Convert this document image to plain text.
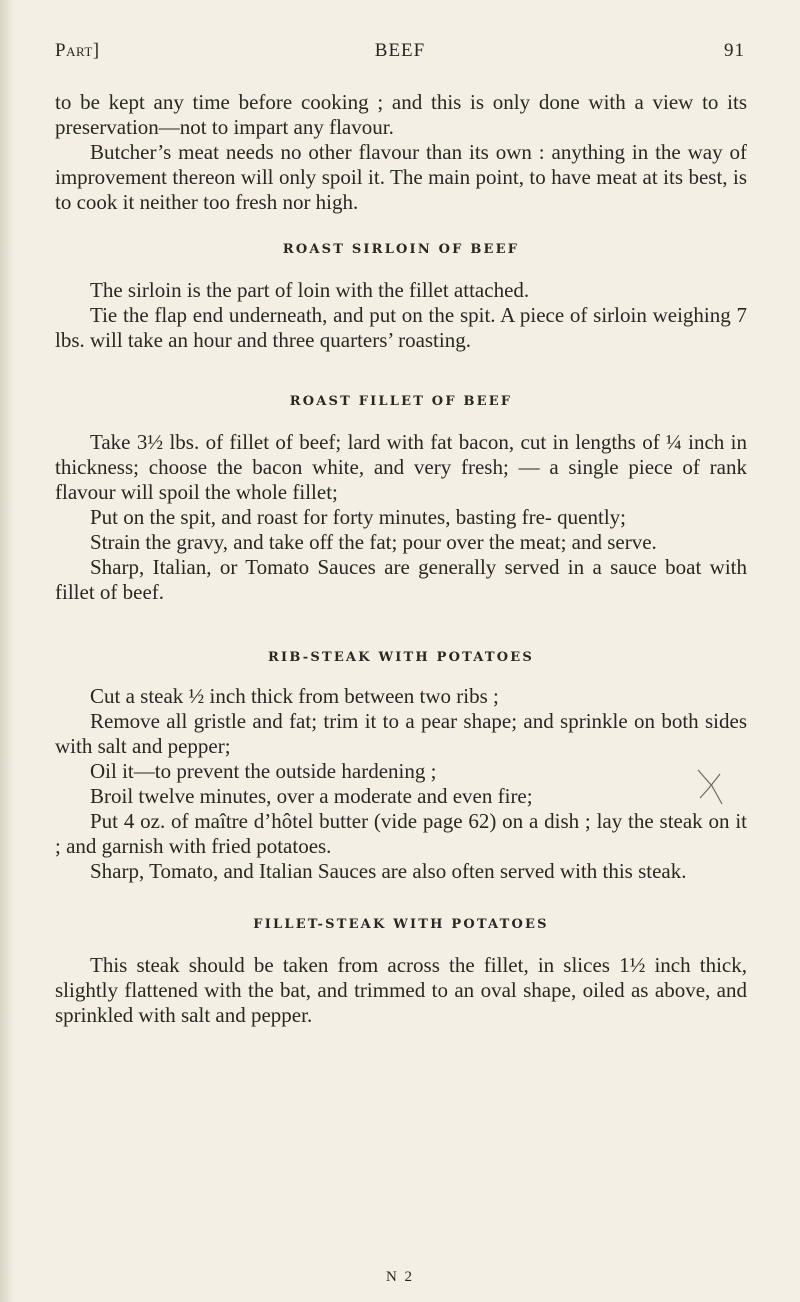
BEEF
Part]	91

to be kept any time before cooking ; and this is only done with a view to its preservation—not to impart any flavour.

Butcher’s meat needs no other flavour than its own : anything in the way of improvement thereon will only spoil it. The main point, to have meat at its best, is to cook it neither too fresh nor high.

ROAST SIRLOIN OF BEEF

The sirloin is the part of loin with the fillet attached.

Tie the flap end underneath, and put on the spit. A piece of sirloin weighing 7 lbs. will take an hour and three quarters’ roasting.

ROAST FILLET OF BEEF

Take 3½ lbs. of fillet of beef; lard with fat bacon, cut in lengths of ¼ inch in thickness; choose the bacon white, and very fresh; — a single piece of rank flavour will spoil the whole fillet;

Put on the spit, and roast for forty minutes, basting fre- quently;

Strain the gravy, and take off the fat; pour over the meat; and serve.

Sharp, Italian, or Tomato Sauces are generally served in a sauce boat with fillet of beef.

RIB-STEAK WITH POTATOES

Cut a steak ½ inch thick from between two ribs ;

Remove all gristle and fat; trim it to a pear shape; and sprinkle on both sides with salt and pepper;

Oil it—to prevent the outside hardening ;

Broil twelve minutes, over a moderate and even fire;

Put 4 oz. of maître d’hôtel butter (vide page 62) on a dish ; lay the steak on it ; and garnish with fried potatoes.

Sharp, Tomato, and Italian Sauces are also often served with this steak.

FILLET-STEAK WITH POTATOES

This steak should be taken from across the fillet, in slices 1½ inch thick, slightly flattened with the bat, and trimmed to an oval shape, oiled as above, and sprinkled with salt and pepper.

N 2
